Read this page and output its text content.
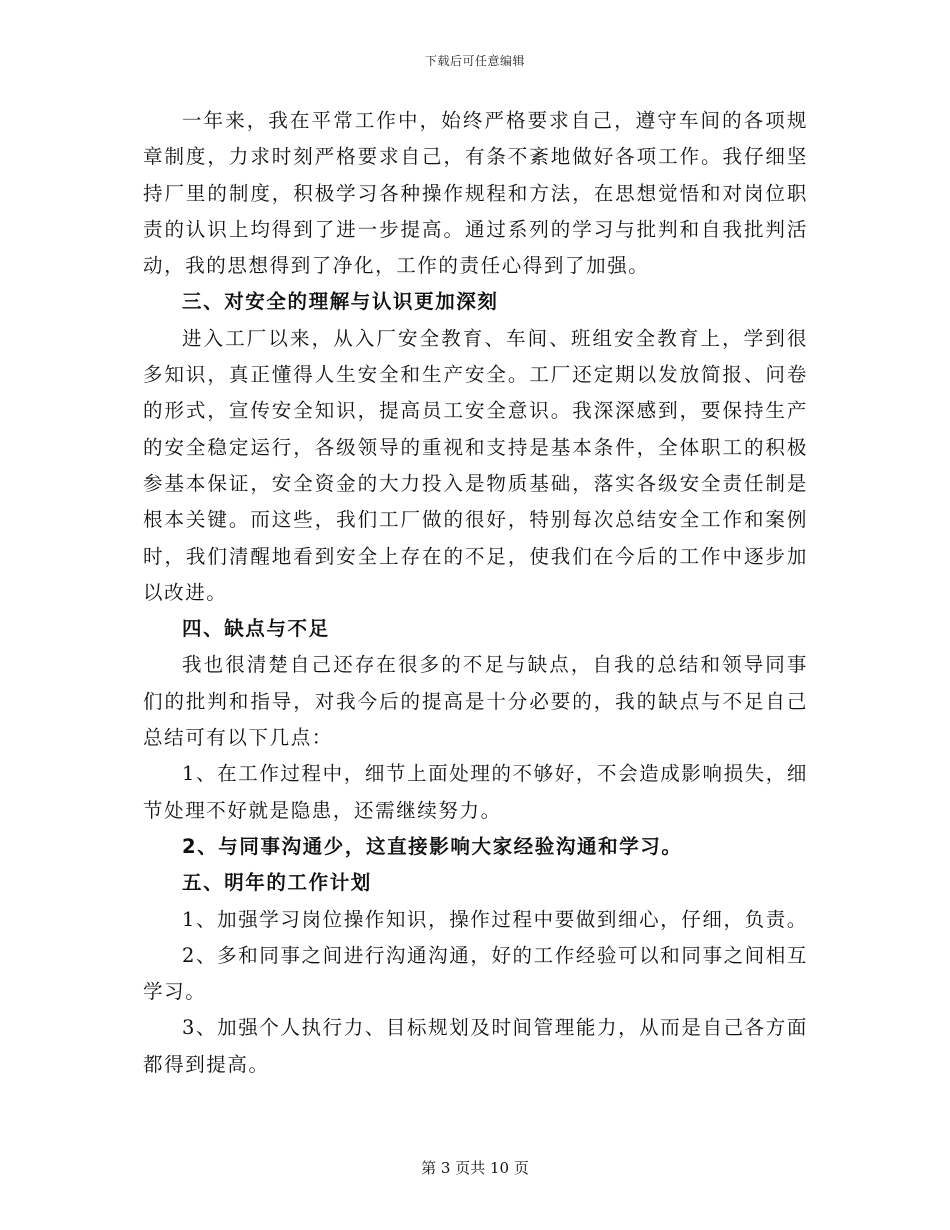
下载后可任意编辑

一年来，我在平常工作中，始终严格要求自己，遵守车间的各项规章制度，力求时刻严格要求自己，有条不紊地做好各项工作。我仔细坚持厂里的制度，积极学习各种操作规程和方法，在思想觉悟和对岗位职责的认识上均得到了进一步提高。通过系列的学习与批判和自我批判活动，我的思想得到了净化，工作的责任心得到了加强。

三、对安全的理解与认识更加深刻

进入工厂以来，从入厂安全教育、车间、班组安全教育上，学到很多知识，真正懂得人生安全和生产安全。工厂还定期以发放简报、问卷的形式，宣传安全知识，提高员工安全意识。我深深感到，要保持生产的安全稳定运行，各级领导的重视和支持是基本条件，全体职工的积极参基本保证，安全资金的大力投入是物质基础，落实各级安全责任制是根本关键。而这些，我们工厂做的很好，特别每次总结安全工作和案例时，我们清醒地看到安全上存在的不足，使我们在今后的工作中逐步加以改进。

四、缺点与不足

我也很清楚自己还存在很多的不足与缺点，自我的总结和领导同事们的批判和指导，对我今后的提高是十分必要的，我的缺点与不足自己总结可有以下几点：

1、在工作过程中，细节上面处理的不够好，不会造成影响损失，细节处理不好就是隐患，还需继续努力。

2、与同事沟通少，这直接影响大家经验沟通和学习。

五、明年的工作计划

1、加强学习岗位操作知识，操作过程中要做到细心，仔细，负责。

2、多和同事之间进行沟通沟通，好的工作经验可以和同事之间相互学习。

3、加强个人执行力、目标规划及时间管理能力，从而是自己各方面都得到提高。

第 3 页共 10 页
